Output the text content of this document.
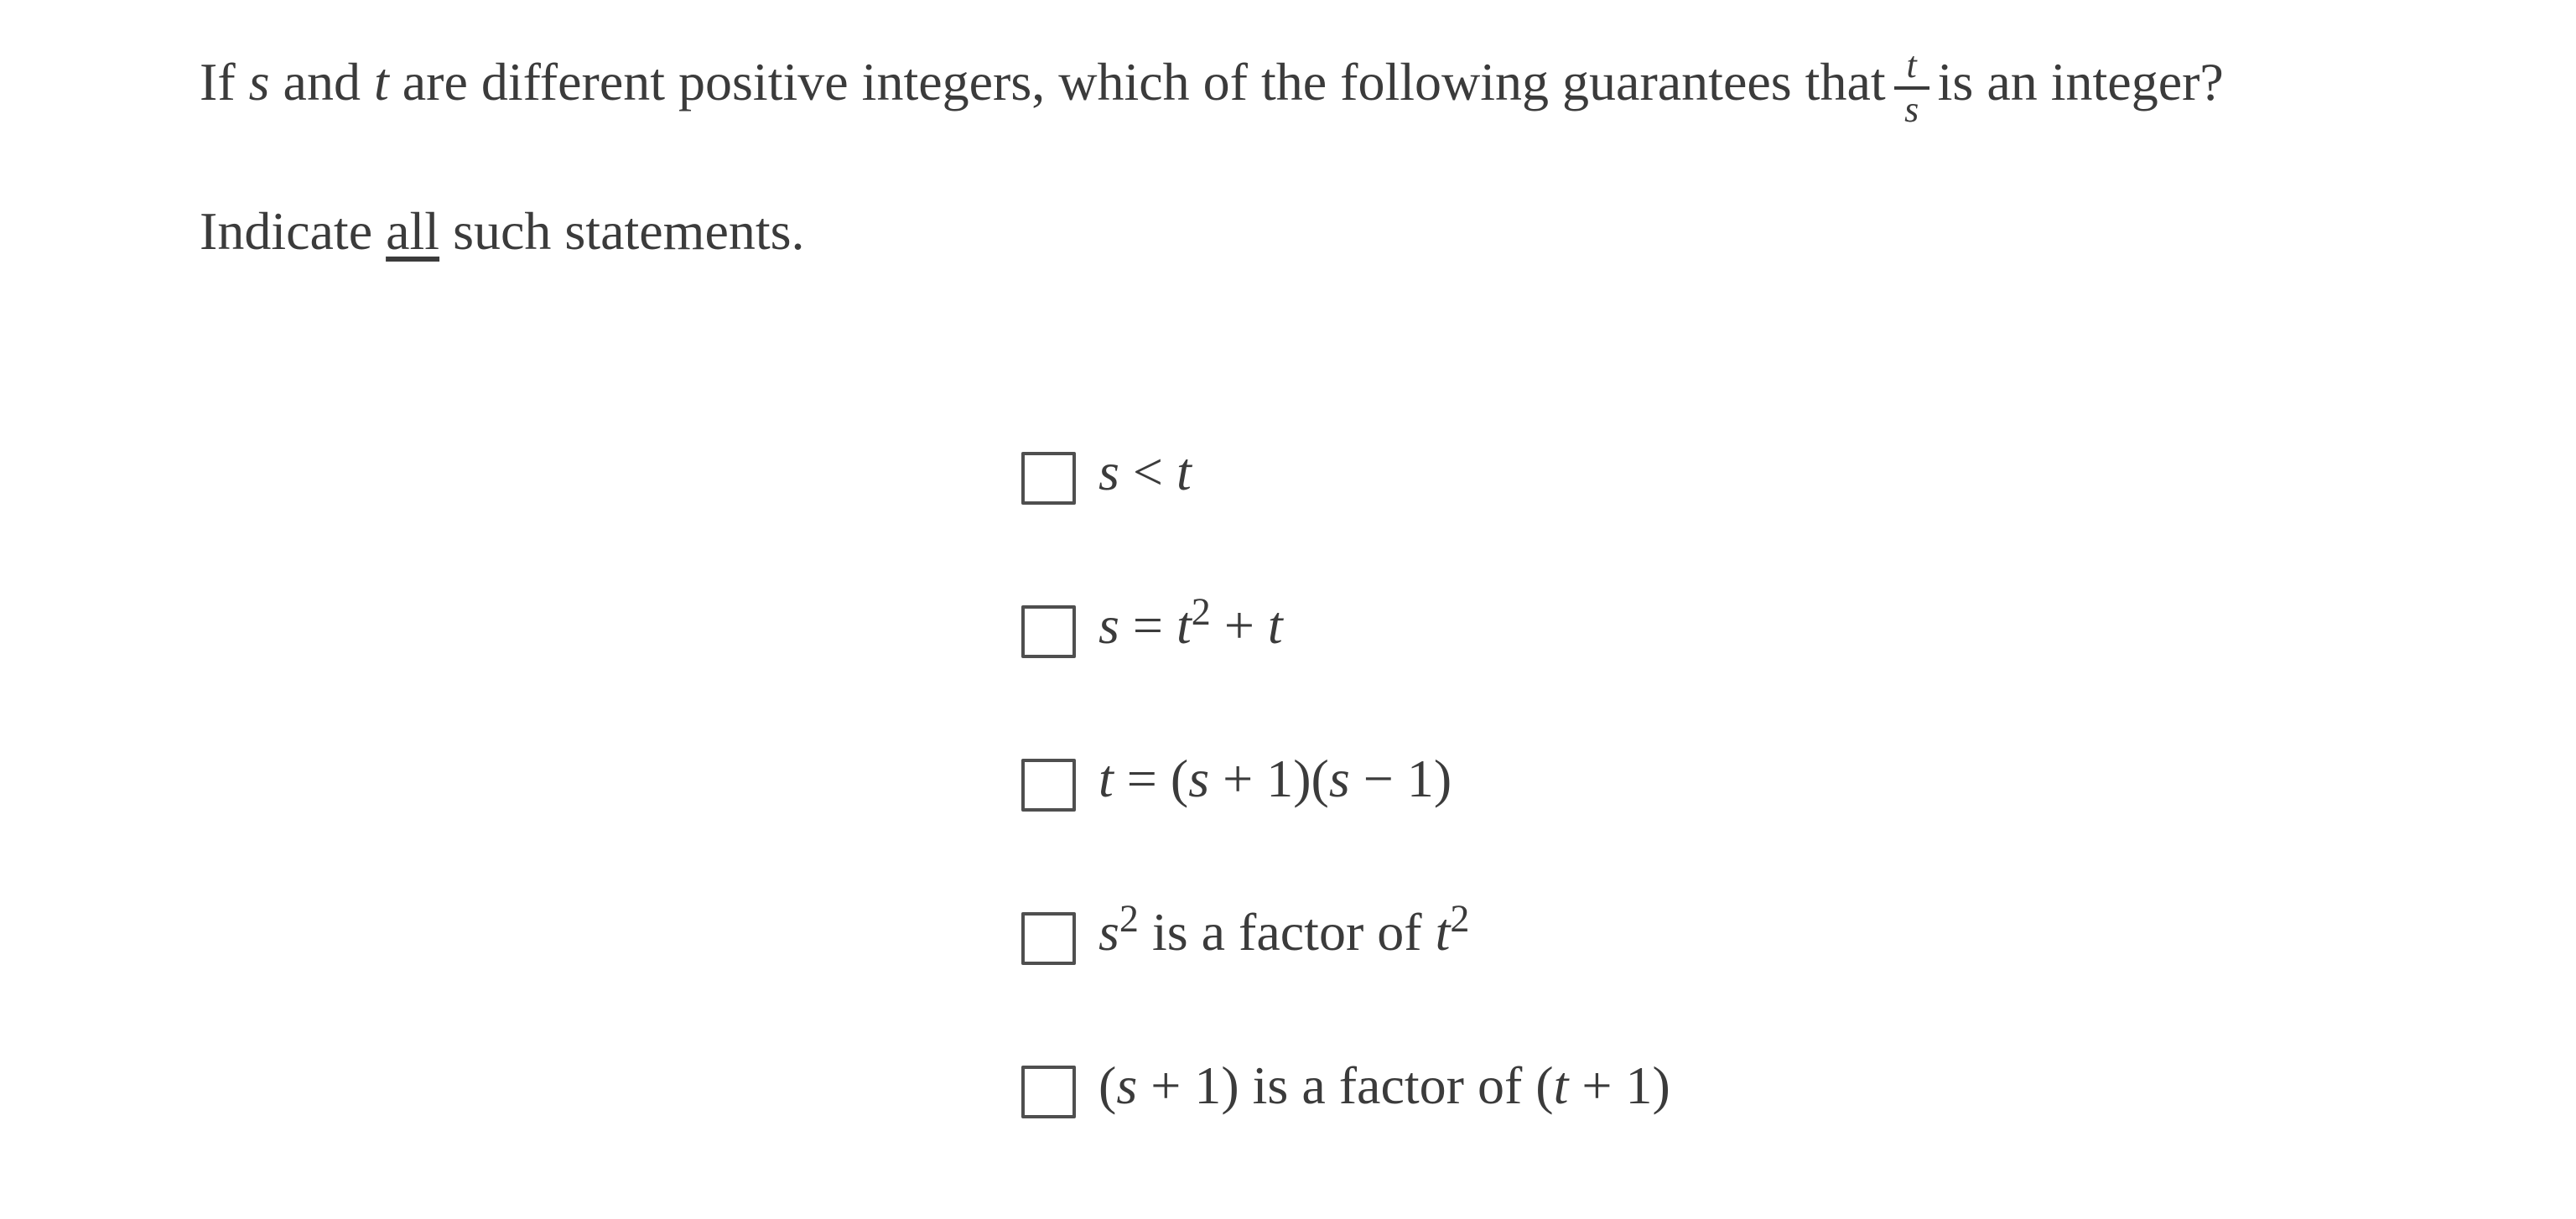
If s and t are different positive integers, which of the following guarantees that $\frac{t}{s}$ is an integer?
Indicate all such statements.
s < t
$s = t^2 + t$
t = (s + 1)(s − 1)
$s^2$ is a factor of $t^2$
(s + 1) is a factor of (t + 1)
